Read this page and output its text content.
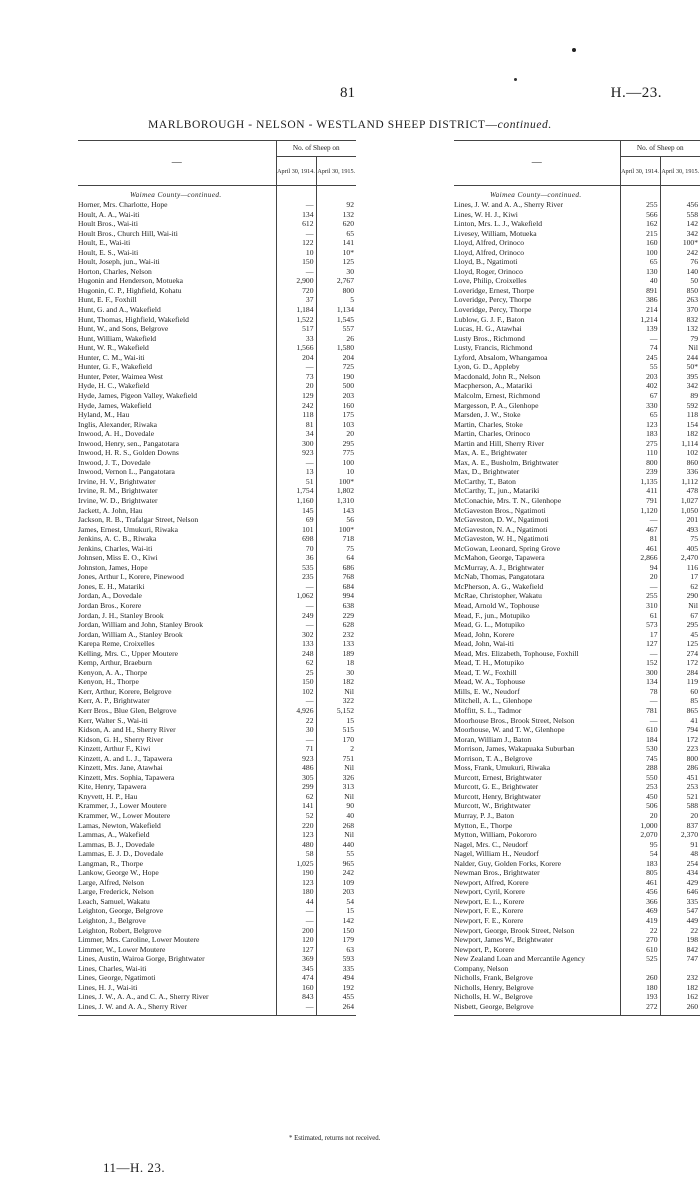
81	H.—23.
MARLBOROUGH - NELSON - WESTLAND SHEEP DISTRICT—continued.
—	No. of Sheep on	
	April 30, 1914.	April 30, 1915.
Waimea County—continued.		
Horner, Mrs. Charlotte, Hope	—	92
Hoult, A. A., Wai-iti	134	132
Hoult Bros., Wai-iti	612	620
Hoult Bros., Church Hill, Wai-iti	—	65
Hoult, E., Wai-iti	122	141
Hoult, E. S., Wai-iti	10	10*
Hoult, Joseph, jun., Wai-iti	150	125
Horton, Charles, Nelson	—	30
Hugonin and Henderson, Motueka	2,900	2,767
Hugonin, C. P., Highfield, Kohatu	720	800
Hunt, E. F., Foxhill	37	5
Hunt, G. and A., Wakefield	1,184	1,134
Hunt, Thomas, Highfield, Wakefield	1,522	1,545
Hunt, W., and Sons, Belgrove	517	557
Hunt, William, Wakefield	33	26
Hunt, W. R., Wakefield	1,566	1,580
Hunter, C. M., Wai-iti	204	204
Hunter, G. F., Wakefield	—	725
Hunter, Peter, Waimea West	73	190
Hyde, H. C., Wakefield	20	500
Hyde, James, Pigeon Valley, Wakefield	129	203
Hyde, James, Wakefield	242	160
Hyland, M., Hau	118	175
Inglis, Alexander, Riwaka	81	103
Inwood, A. H., Dovedale	34	20
Inwood, Henry, sen., Pangatotara	300	295
Inwood, H. R. S., Golden Downs	923	775
Inwood, J. T., Dovedale	—	100
Inwood, Vernon L., Pangatotara	13	10
Irvine, H. V., Brightwater	51	100*
Irvine, R. M., Brightwater	1,754	1,802
Irvine, W. D., Brightwater	1,160	1,310
Jackett, A. John, Hau	145	143
Jackson, R. B., Trafalgar Street, Nelson	69	56
James, Ernest, Umukuri, Riwaka	101	100*
Jenkins, A. C. B., Riwaka	698	718
Jenkins, Charles, Wai-iti	70	75
Johnsen, Miss E. O., Kiwi	36	64
Johnston, James, Hope	535	686
Jones, Arthur I., Korere, Pinewood	235	768
Jones, E. H., Matariki	—	684
Jordan, A., Dovedale	1,062	994
Jordan Bros., Korere	—	638
Jordan, J. H., Stanley Brook	249	229
Jordan, William and John, Stanley Brook	—	628
Jordan, William A., Stanley Brook	302	232
Karepa Reme, Croixelles	133	133
Kelling, Mrs. C., Upper Moutere	248	189
Kemp, Arthur, Braeburn	62	18
Kenyon, A. A., Thorpe	25	30
Kenyon, H., Thorpe	150	182
Kerr, Arthur, Korere, Belgrove	102	Nil
Kerr, A. P., Brightwater	—	322
Kerr Bros., Blue Glen, Belgrove	4,926	5,152
Kerr, Walter S., Wai-iti	22	15
Kidson, A. and H., Sherry River	30	515
Kidson, G. H., Sherry River	—	170
Kinzett, Arthur F., Kiwi	71	2
Kinzett, A. and L. J., Tapawera	923	751
Kinzett, Mrs. Jane, Atawhai	486	Nil
Kinzett, Mrs. Sophia, Tapawera	305	326
Kite, Henry, Tapawera	299	313
Knyvett, H. P., Hau	62	Nil
Krammer, J., Lower Moutere	141	90
Krammer, W., Lower Moutere	52	40
Lamas, Newton, Wakefield	220	268
Lammas, A., Wakefield	123	Nil
Lammas, B. J., Dovedale	480	440
Lammas, E. J. D., Dovedale	58	55
Langman, R., Thorpe	1,025	965
Lankow, George W., Hope	190	242
Large, Alfred, Nelson	123	109
Large, Frederick, Nelson	180	203
Leach, Samuel, Wakatu	44	54
Leighton, George, Belgrove	—	15
Leighton, J., Belgrove	—	142
Leighton, Robert, Belgrove	200	150
Limmer, Mrs. Caroline, Lower Moutere	120	179
Limmer, W., Lower Moutere	127	63
Lines, Austin, Wairoa Gorge, Brightwater	369	593
Lines, Charles, Wai-iti	345	335
Lines, George, Ngatimoti	474	494
Lines, H. J., Wai-iti	160	192
Lines, J. W., A. A., and C. A., Sherry River	843	455
Lines, J. W. and A. A., Sherry River	—	264

—	No. of Sheep on	
	April 30, 1914.	April 30, 1915.
Waimea County—continued.		
Lines, J. W. and A. A., Sherry River	255	456
Lines, W. H. J., Kiwi	566	558
Linton, Mrs. L. J., Wakefield	162	142
Livesey, William, Motueka	215	342
Lloyd, Alfred, Orinoco	160	100*
Lloyd, Alfred, Orinoco	100	242
Lloyd, B., Ngatimoti	65	76
Lloyd, Roger, Orinoco	130	140
Love, Philip, Croixelles	40	50
Loveridge, Ernest, Thorpe	891	850
Loveridge, Percy, Thorpe	386	263
Loveridge, Percy, Thorpe	214	370
Lublow, G. J. F., Baton	1,214	832
Lucas, H. G., Atawhai	139	132
Lusty Bros., Richmond	—	79
Lusty, Francis, Richmond	74	Nil
Lyford, Absalom, Whangamoa	245	244
Lyon, G. D., Appleby	55	50*
Macdonald, John R., Nelson	203	395
Macpherson, A., Matariki	402	342
Malcolm, Ernest, Richmond	67	89
Margesson, P. A., Glenhope	330	592
Marsden, J. W., Stoke	65	118
Martin, Charles, Stoke	123	154
Martin, Charles, Orinoco	183	182
Martin and Hill, Sherry River	275	1,114
Max, A. E., Brightwater	110	102
Max, A. E., Busholm, Brightwater	800	860
Max, D., Brightwater	239	336
McCarthy, T., Baton	1,135	1,112
McCarthy, T., jun., Matariki	411	478
McConachie, Mrs. T. N., Glenhope	791	1,027
McGaveston Bros., Ngatimoti	1,120	1,050
McGaveston, D. W., Ngatimoti	—	201
McGaveston, N. A., Ngatimoti	467	493
McGaveston, W. H., Ngatimoti	81	75
McGowan, Leonard, Spring Grove	461	405
McMahon, George, Tapawera	2,866	2,470
McMurray, A. J., Brightwater	94	116
McNab, Thomas, Pangatotara	20	17
McPherson, A. G., Wakefield	—	62
McRae, Christopher, Wakatu	255	290
Mead, Arnold W., Tophouse	310	Nil
Mead, F., jun., Motupiko	61	67
Mead, G. L., Motupiko	573	295
Mead, John, Korere	17	45
Mead, John, Wai-iti	127	125
Mead, Mrs. Elizabeth, Tophouse, Foxhill	—	274
Mead, T. H., Motupiko	152	172
Mead, T. W., Foxhill	300	284
Mead, W. A., Tophouse	134	119
Mills, E. W., Neudorf	78	60
Mitchell, A. L., Glenhope	—	85
Moffitt, S. L., Tadmor	781	865
Moorhouse Bros., Brook Street, Nelson	—	41
Moorhouse, W. and T. W., Glenhope	610	794
Moran, William J., Baton	184	172
Morrison, James, Wakapuaka Suburban	530	223
Morrison, T. A., Belgrove	745	800
Moss, Frank, Umukuri, Riwaka	288	286
Murcott, Ernest, Brightwater	550	451
Murcott, G. E., Brightwater	253	253
Murcott, Henry, Brightwater	450	521
Murcott, W., Brightwater	506	588
Murray, P. J., Baton	20	20
Mytton, E., Thorpe	1,000	837
Mytton, William, Pokororo	2,070	2,370
Nagel, Mrs. C., Neudorf	95	91
Nagel, William H., Neudorf	54	48
Nalder, Guy, Golden Forks, Korere	183	254
Newman Bros., Brightwater	805	434
Newport, Alfred, Korere	461	429
Newport, Cyril, Korere	456	646
Newport, E. L., Korere	366	335
Newport, F. E., Korere	469	547
Newport, F. E., Korere	419	449
Newport, George, Brook Street, Nelson	22	22
Newport, James W., Brightwater	270	198
Newport, P., Korere	610	842
New Zealand Loan and Mercantile Agency	525	747
Company, Nelson		
Nicholls, Frank, Belgrove	260	232
Nicholls, Henry, Belgrove	180	182
Nicholls, H. W., Belgrove	193	162
Nisbett, George, Belgrove	272	260

* Estimated, returns not received.
11—H. 23.
